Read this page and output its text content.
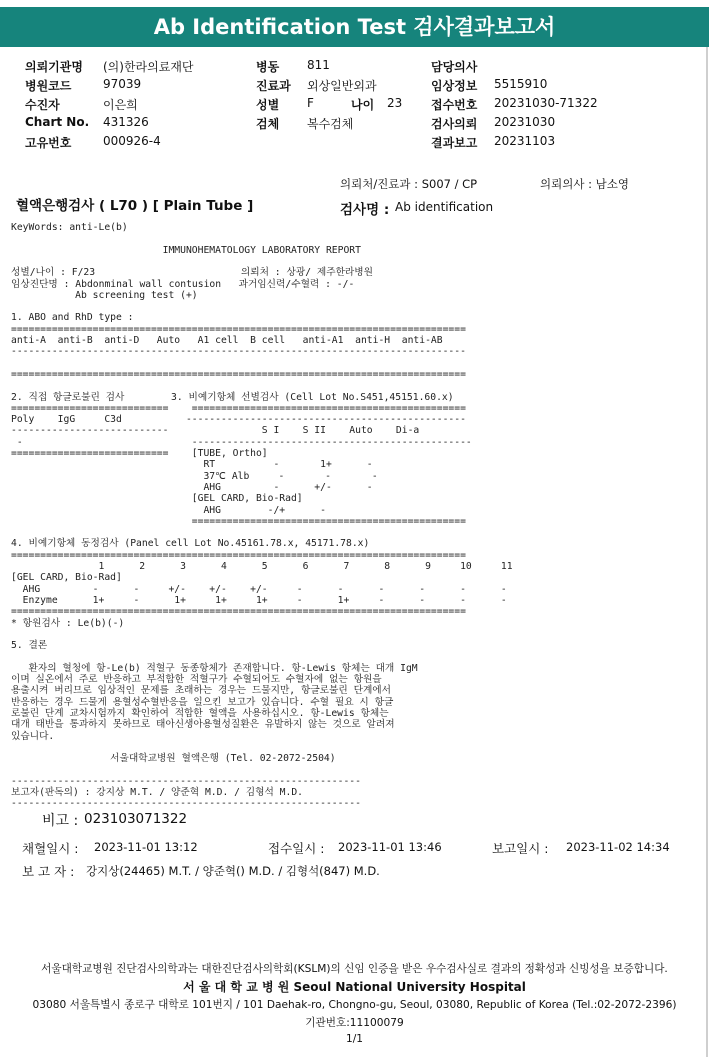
Ab Identification Test 검사결과보고서
의뢰기관명 (의)한라의료재단
병원코드	97039
수진자	이은희
Chart No. 431326
고유번호	000926-4
병동 811
진료과 외상일반외과
성별 F	나이 23
검체 복수검체
담당의사
임상정보 5515910
접수번호 20231030-71322
검사의뢰 20231030
결과보고 20231103
의뢰처/진료과 : S007 / CP	의뢰의사 : 남소영
혈액은행검사 ( L70 ) [ Plain Tube ]	검사명 : Ab identification
KeyWords: anti-Le(b)
IMMUNOHEMATOLOGY LABORATORY REPORT
성별/나이 : F/23                         의뢰처 : 상광/ 제주한라병원
임상진단명 : Abdonminal wall contusion   과거임신력/수혈력 : -/-
Ab screening test (+)
1. ABO and RhD type :
==============================================================================
anti-A  anti-B  anti-D   Auto   A1 cell  B cell   anti-A1  anti-H  anti-AB
------------------------------------------------------------------------------
==============================================================================
2. 직접 항글로불린 검사        3. 비예기항체 선별검사 (Cell Lot No.S451,45151.60.x)
===========================    ===============================================
Poly    IgG     C3d           ------------------------------------------------
---------------------------                S I    S II    Auto    Di-a
-                             ------------------------------------------------
===========================    [TUBE, Ortho]
RT          -       1+      -
37℃ Alb     -       -       -
AHG         -      +/-      -
[GEL CARD, Bio-Rad]
AHG        -/+      -
===============================================
4. 비예기항체 동정검사 (Panel cell Lot No.45161.78.x, 45171.78.x)
==============================================================================
1      2      3      4      5      6      7      8      9     10     11
[GEL CARD, Bio-Rad]
AHG         -      -     +/-    +/-    +/-     -      -      -      -      -      -
Enzyme      1+     -      1+     1+     1+     -      1+     -      -      -      -
==============================================================================
* 항원검사 : Le(b)(-)
5. 결론
환자의 혈청에 항-Le(b) 적혈구 동종항체가 존재합니다. 항-Lewis 항체는 대개 IgM
이며 실온에서 주로 반응하고 부적합한 적혈구가 수혈되어도 수혈자에 없는 항원을
용출시켜 버리므로 임상적인 문제를 초래하는 경우는 드물지만, 항글로불린 단계에서
반응하는 경우 드물게 용혈성수혈반응을 일으킨 보고가 있습니다. 수혈 필요 시 항글
로불린 단계 교차시험까지 확인하여 적합한 혈액을 사용하십시오. 항-Lewis 항체는
대개 태반을 통과하지 못하므로 태아신생아용혈성질환은 유발하지 않는 것으로 알려져
있습니다.
서울대학교병원 혈액은행 (Tel. 02-2072-2504)
------------------------------------------------------------
보고자(판독의) : 강지상 M.T. / 양준혁 M.D. / 김형석 M.D.
------------------------------------------------------------
비고 : 023103071322
채혈일시 : 2023-11-01 13:12	접수일시 : 2023-11-01 13:46	보고일시 : 2023-11-02 14:34
보 고 자 : 강지상(24465) M.T. / 양준혁() M.D. / 김형석(847) M.D.
서울대학교병원 진단검사의학과는 대한진단검사의학회(KSLM)의 신임 인증을 받은 우수검사실로 결과의 정확성과 신빙성을 보증합니다.
서 울 대 학 교 병 원 Seoul National University Hospital
03080 서울특별시 종로구 대학로 101번지 / 101 Daehak-ro, Chongno-gu, Seoul, 03080, Republic of Korea (Tel.:02-2072-2396)
기관번호:11100079
1/1
